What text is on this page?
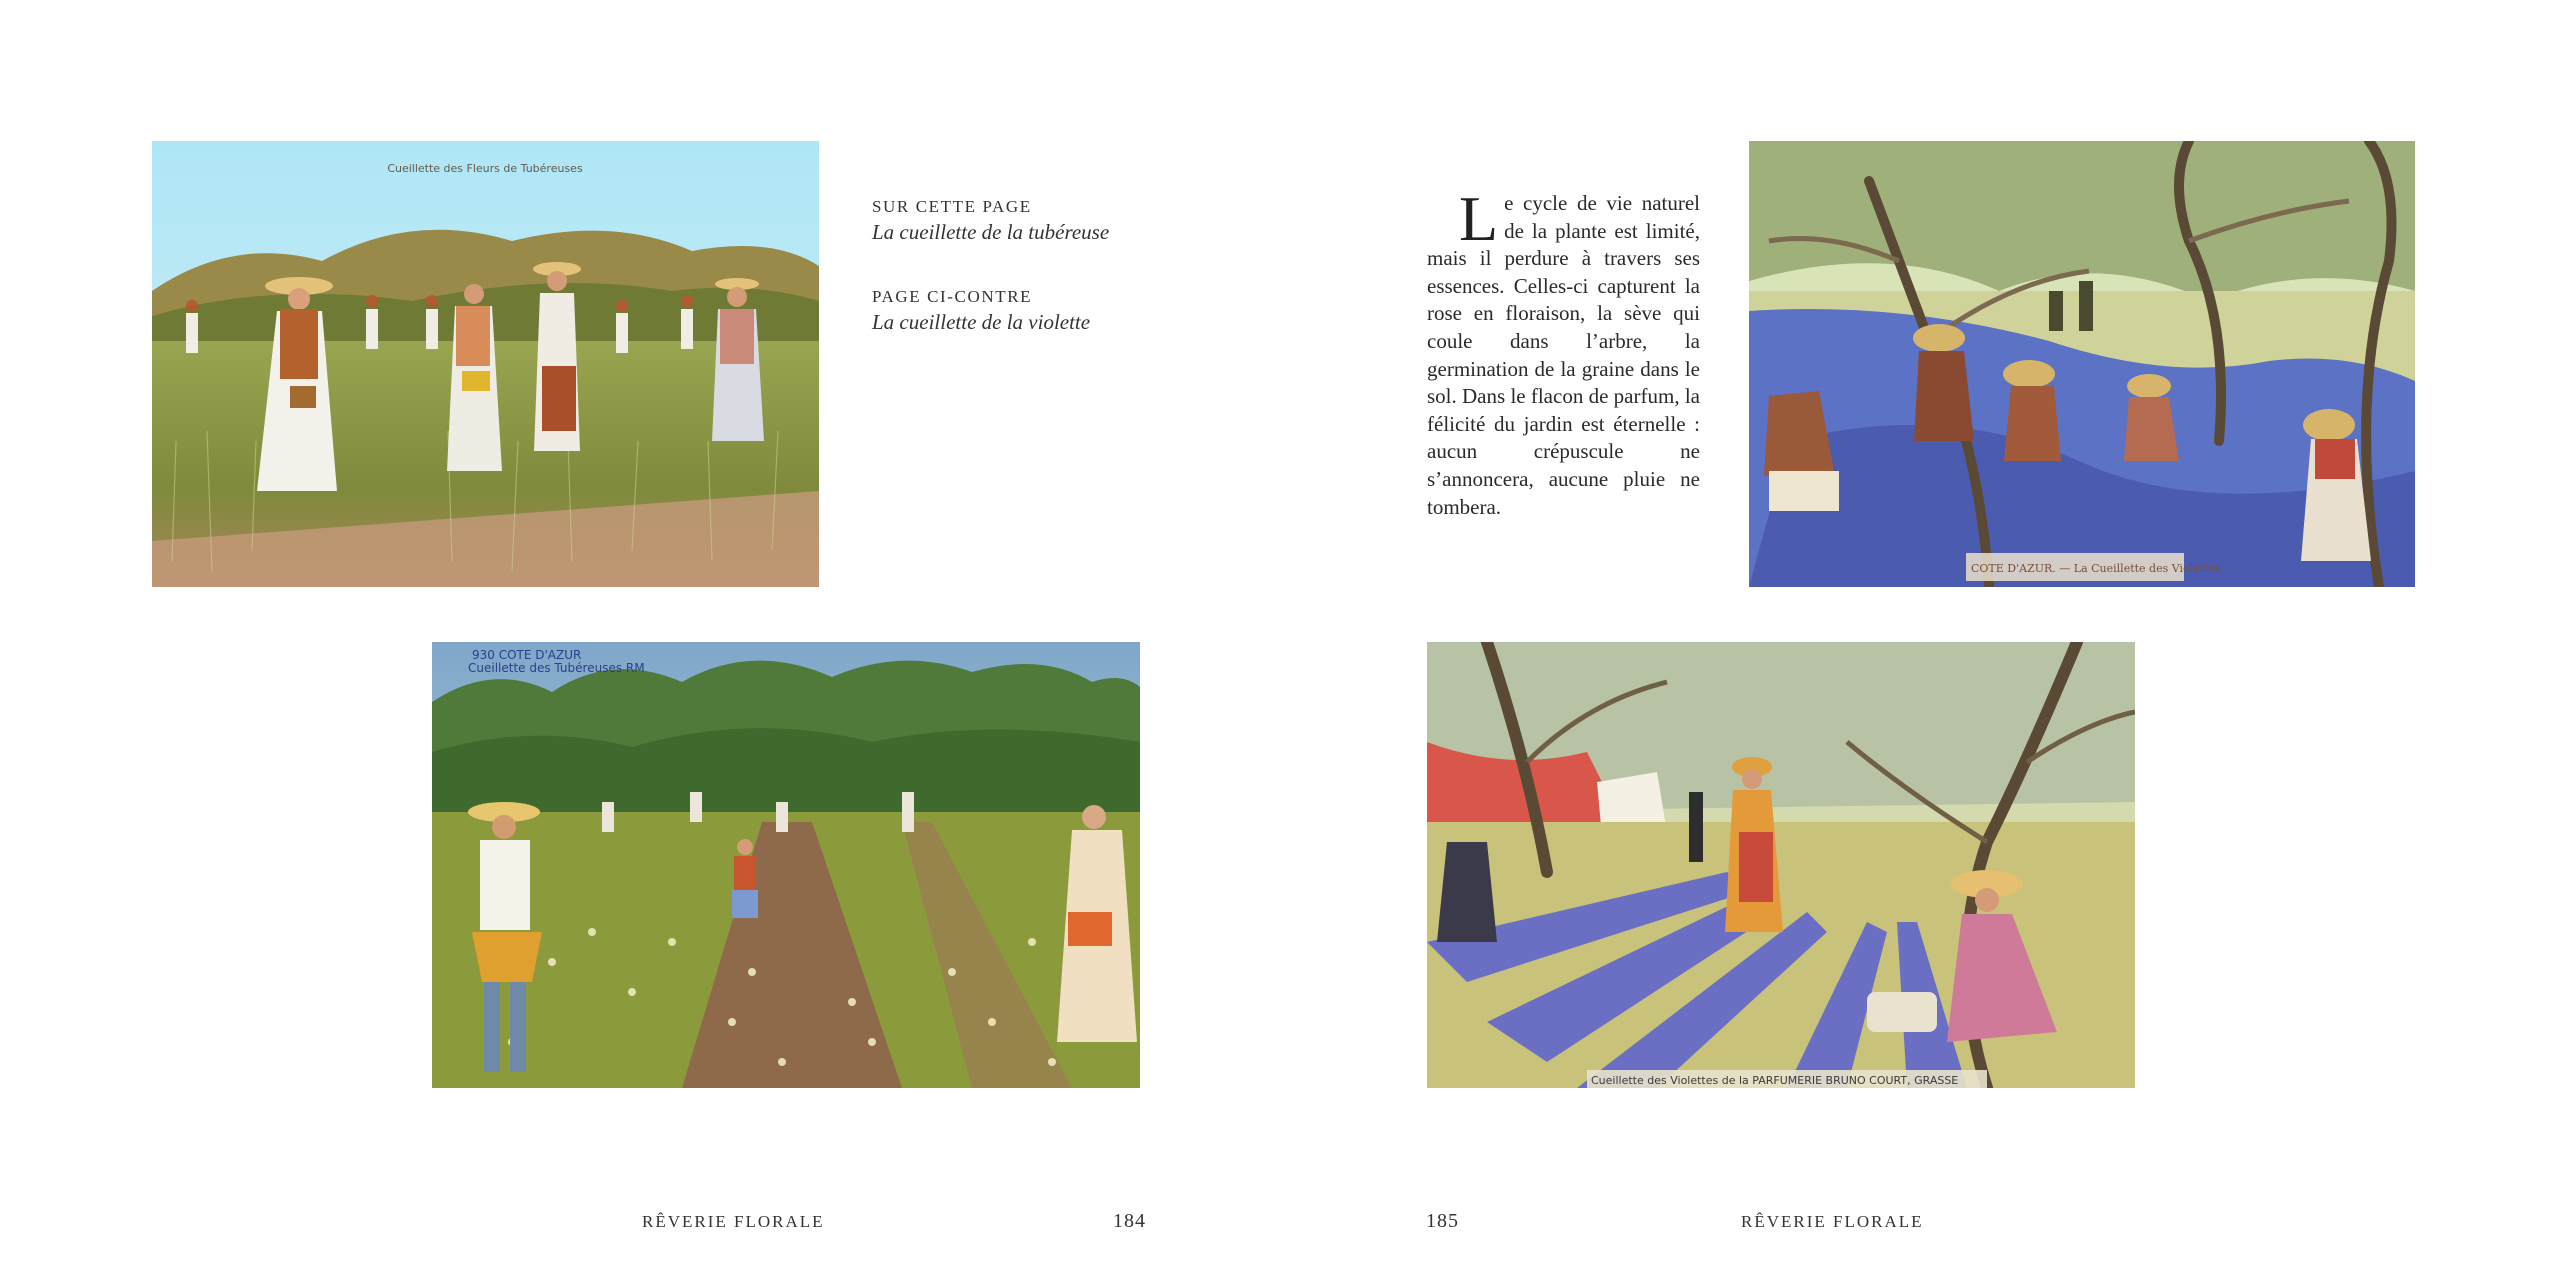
Cueillette des Fleurs de Tubéreuses
SUR CETTE PAGE
La cueillette de la tubéreuse
PAGE CI-CONTRE
La cueillette de la violette
930 COTE D'AZUR
Cueillette des Tubéreuses RM
Le cycle de vie naturel de la plante est limité, mais il perdure à travers ses essences. Celles-ci capturent la rose en floraison, la sève qui coule dans l’arbre, la germination de la graine dans le sol. Dans le flacon de parfum, la félicité du jardin est éternelle : aucun crépuscule ne s’annoncera, aucune pluie ne tombera.
COTE D'AZUR. — La Cueillette des Violettes.
Cueillette des Violettes de la PARFUMERIE BRUNO COURT, GRASSE
RÊVERIE FLORALE	184	185	RÊVERIE FLORALE
